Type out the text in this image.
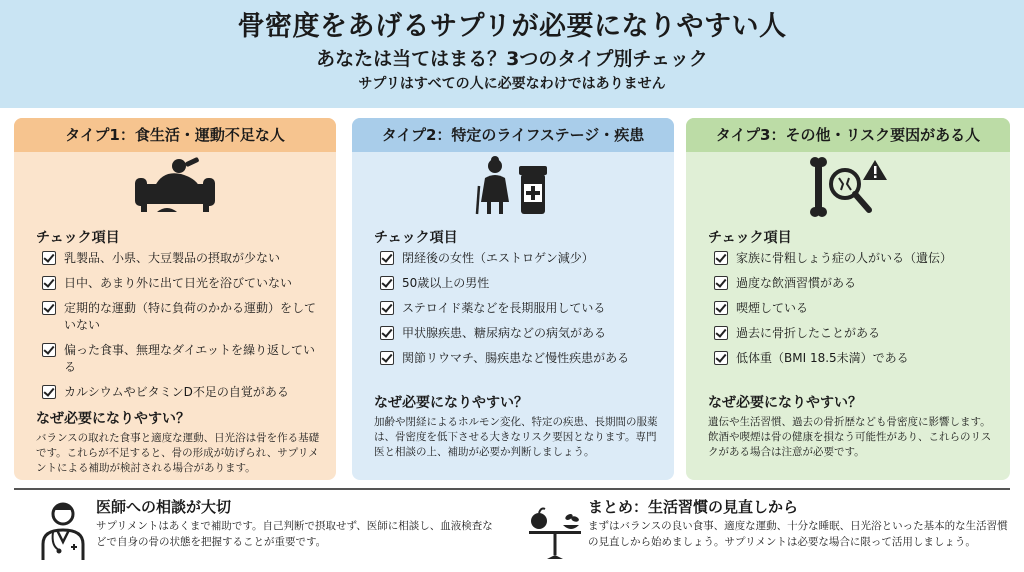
骨密度をあげるサプリが必要になりやすい人
あなたは当てはまる？3つのタイプ別チェック
サプリはすべての人に必要なわけではありません
タイプ1：食生活・運動不足な人
チェック項目
乳製品、小県、大豆製品の摂取が少ない
日中、あまり外に出て日光を浴びていない
定期的な運動（特に負荷のかかる運動）をしていない
偏った食事、無理なダイエットを繰り返している
カルシウムやビタミンD不足の自覚がある
なぜ必要になりやすい？
バランスの取れた食事と適度な運動、日光浴は骨を作る基礎です。これらが不足すると、骨の形成が妨げられ、サプリメントによる補助が検討される場合があります。
タイプ2：特定のライフステージ・疾患
チェック項目
閉経後の女性（エストロゲン減少）
50歳以上の男性
ステロイド薬などを長期服用している
甲状腺疾患、糖尿病などの病気がある
関節リウマチ、腸疾患など慢性疾患がある
なぜ必要になりやすい？
加齢や閉経によるホルモン変化、特定の疾患、長期間の服薬は、骨密度を低下させる大きなリスク要因となります。専門医と相談の上、補助が必要か判断しましょう。
タイプ3：その他・リスク要因がある人
チェック項目
家族に骨粗しょう症の人がいる（遺伝）
過度な飲酒習慣がある
喫煙している
過去に骨折したことがある
低体重（BMI 18.5未満）である
なぜ必要になりやすい？
遺伝や生活習慣、過去の骨折歴なども骨密度に影響します。飲酒や喫煙は骨の健康を損なう可能性があり、これらのリスクがある場合は注意が必要です。
医師への相談が大切
サプリメントはあくまで補助です。自己判断で摂取せず、医師に相談し、血液検査などで自身の骨の状態を把握することが重要です。
まとめ：生活習慣の見直しから
まずはバランスの良い食事、適度な運動、十分な睡眠、日光浴といった基本的な生活習慣の見直しから始めましょう。サプリメントは必要な場合に限って活用しましょう。
